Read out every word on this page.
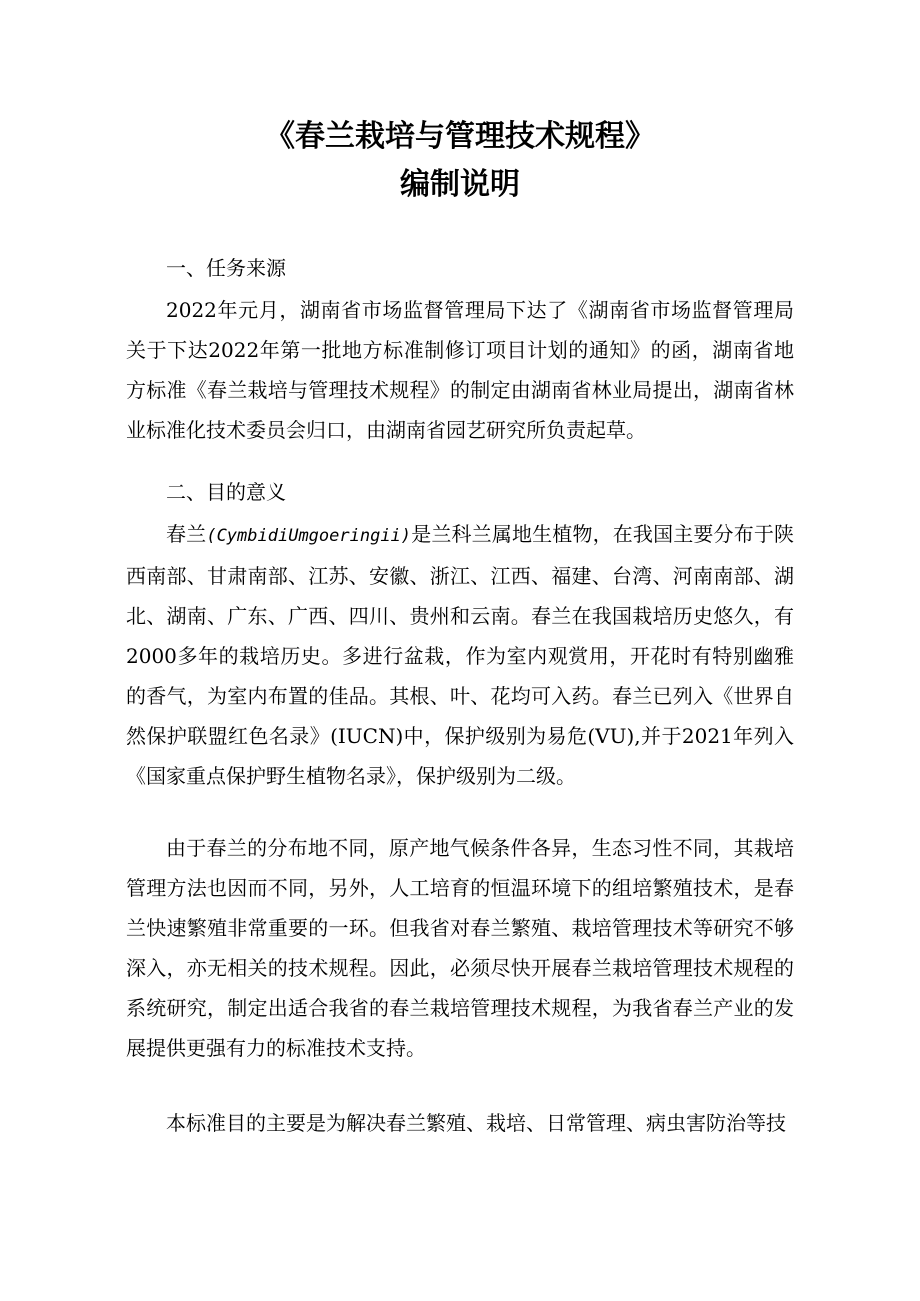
《春兰栽培与管理技术规程》
编制说明

一、任务来源

2022年元月，湖南省市场监督管理局下达了《湖南省市场监督管理局关于下达2022年第一批地方标准制修订项目计划的通知》的函，湖南省地方标准《春兰栽培与管理技术规程》的制定由湖南省林业局提出，湖南省林业标准化技术委员会归口，由湖南省园艺研究所负责起草。

二、目的意义

春兰(CymbidiUmgoeringii)是兰科兰属地生植物，在我国主要分布于陕西南部、甘肃南部、江苏、安徽、浙江、江西、福建、台湾、河南南部、湖北、湖南、广东、广西、四川、贵州和云南。春兰在我国栽培历史悠久，有2000多年的栽培历史。多进行盆栽，作为室内观赏用，开花时有特别幽雅的香气，为室内布置的佳品。其根、叶、花均可入药。春兰已列入《世界自然保护联盟红色名录》(IUCN)中，保护级别为易危(VU),并于2021年列入《国家重点保护野生植物名录》，保护级别为二级。

由于春兰的分布地不同，原产地气候条件各异，生态习性不同，其栽培管理方法也因而不同，另外，人工培育的恒温环境下的组培繁殖技术，是春兰快速繁殖非常重要的一环。但我省对春兰繁殖、栽培管理技术等研究不够深入，亦无相关的技术规程。因此，必须尽快开展春兰栽培管理技术规程的系统研究，制定出适合我省的春兰栽培管理技术规程，为我省春兰产业的发展提供更强有力的标准技术支持。

本标准目的主要是为解决春兰繁殖、栽培、日常管理、病虫害防治等技
